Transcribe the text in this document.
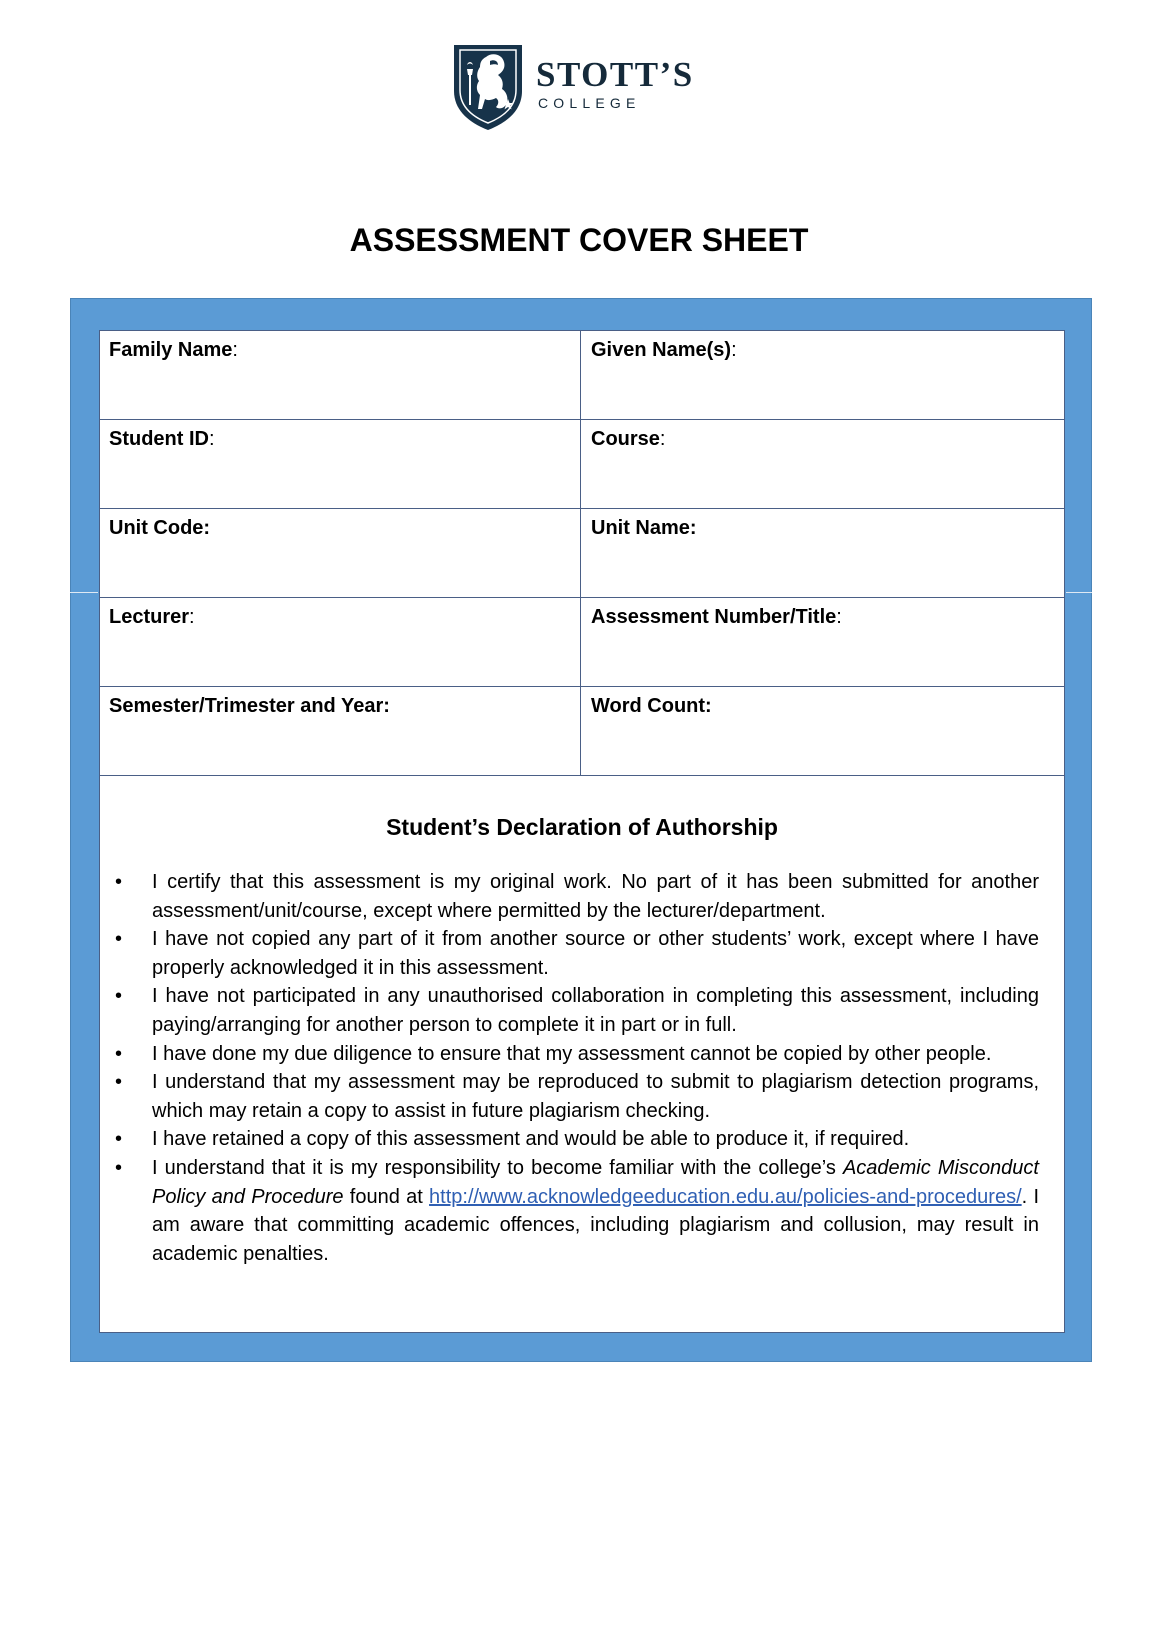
STOTT’S
COLLEGE
ASSESSMENT COVER SHEET
Family Name:	Given Name(s):
Student ID:	Course:
Unit Code:	Unit Name:
Lecturer:	Assessment Number/Title:
Semester/Trimester and Year:	Word Count:
Student’s Declaration of Authorship
• I certify that this assessment is my original work. No part of it has been submitted for another assessment/unit/course, except where permitted by the lecturer/department.
• I have not copied any part of it from another source or other students’ work, except where I have properly acknowledged it in this assessment.
• I have not participated in any unauthorised collaboration in completing this assessment, including paying/arranging for another person to complete it in part or in full.
• I have done my due diligence to ensure that my assessment cannot be copied by other people.
• I understand that my assessment may be reproduced to submit to plagiarism detection programs, which may retain a copy to assist in future plagiarism checking.
• I have retained a copy of this assessment and would be able to produce it, if required.
• I understand that it is my responsibility to become familiar with the college’s Academic Misconduct Policy and Procedure found at http://www.acknowledgeeducation.edu.au/policies-and-procedures/. I am aware that committing academic offences, including plagiarism and collusion, may result in academic penalties.
